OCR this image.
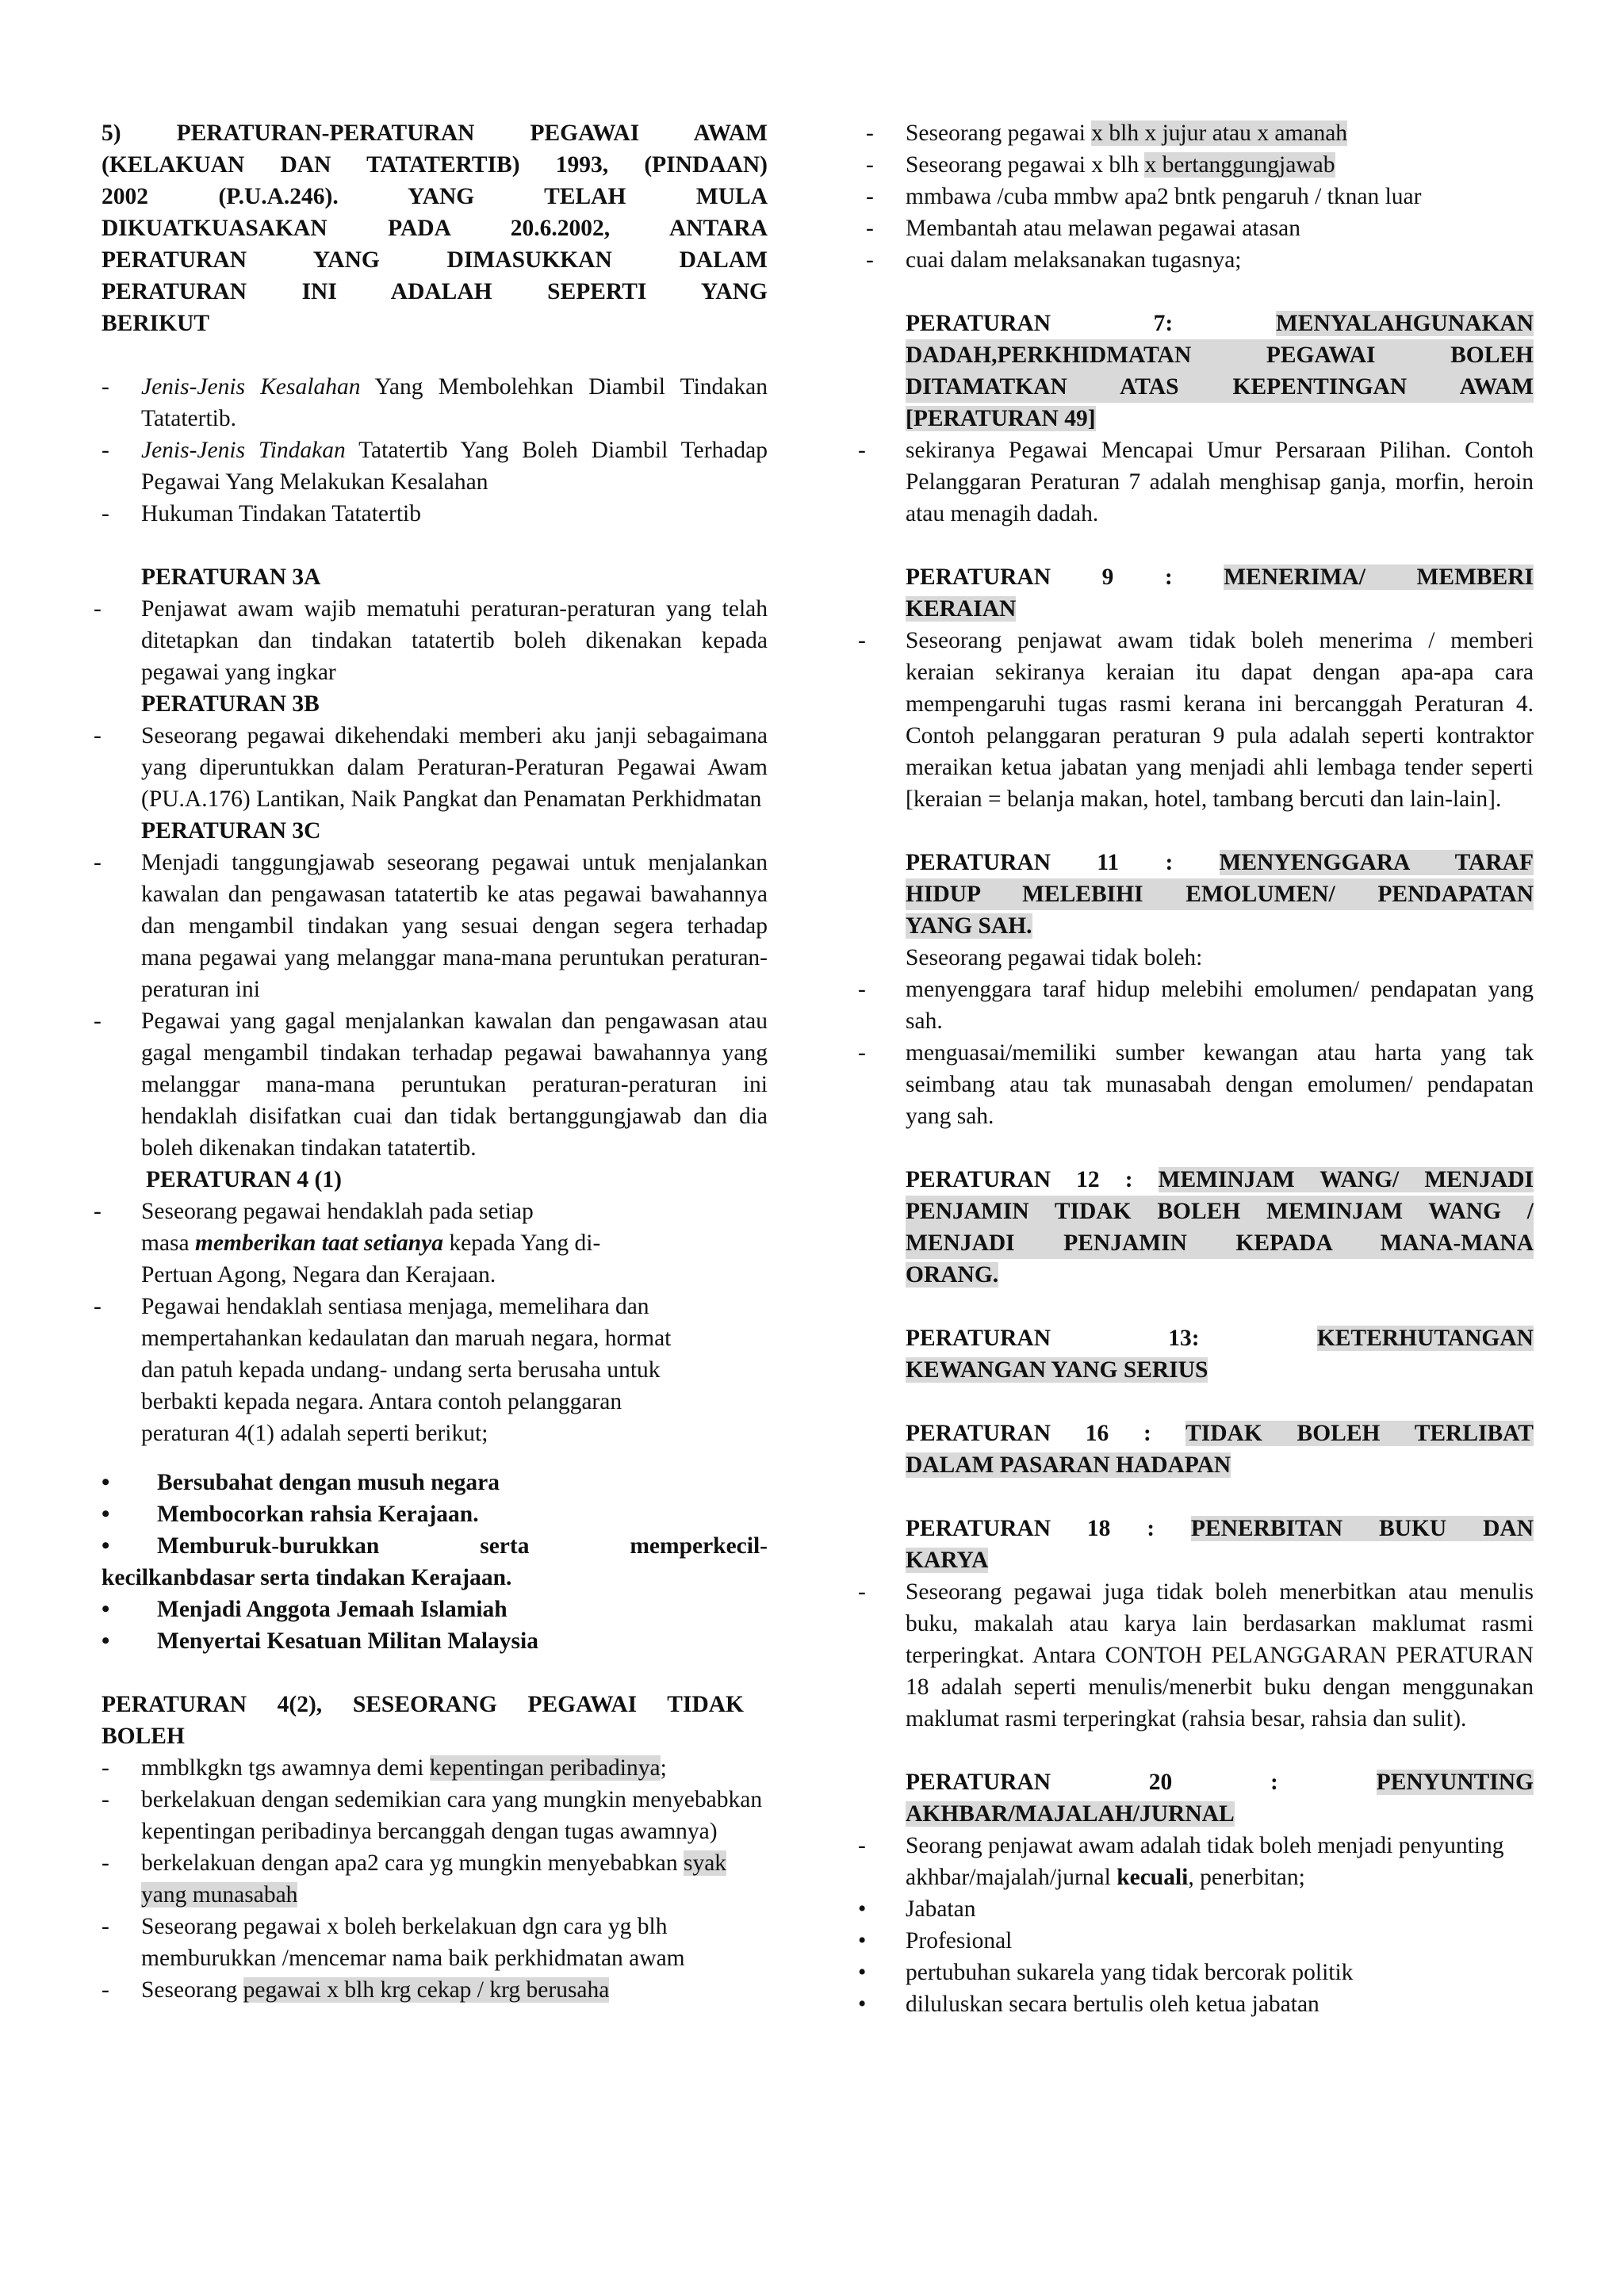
5) PERATURAN-PERATURAN PEGAWAI AWAM
(KELAKUAN DAN TATATERTIB) 1993, (PINDAAN)
2002 (P.U.A.246). YANG TELAH MULA
DIKUATKUASAKAN PADA 20.6.2002, ANTARA
PERATURAN YANG DIMASUKKAN DALAM
PERATURAN INI ADALAH SEPERTI YANG
BERIKUT
- Jenis-Jenis Kesalahan Yang Membolehkan Diambil Tindakan Tatatertib.
- Jenis-Jenis Tindakan Tatatertib Yang Boleh Diambil Terhadap Pegawai Yang Melakukan Kesalahan
- Hukuman Tindakan Tatatertib
PERATURAN 3A
- Penjawat awam wajib mematuhi peraturan-peraturan yang telah ditetapkan dan tindakan tatatertib boleh dikenakan kepada pegawai yang ingkar
PERATURAN 3B
- Seseorang pegawai dikehendaki memberi aku janji sebagaimana yang diperuntukkan dalam Peraturan-Peraturan Pegawai Awam (PU.A.176) Lantikan, Naik Pangkat dan Penamatan Perkhidmatan
PERATURAN 3C
- Menjadi tanggungjawab seseorang pegawai untuk menjalankan kawalan dan pengawasan tatatertib ke atas pegawai bawahannya dan mengambil tindakan yang sesuai dengan segera terhadap mana pegawai yang melanggar mana-mana peruntukan peraturan-peraturan ini
- Pegawai yang gagal menjalankan kawalan dan pengawasan atau gagal mengambil tindakan terhadap pegawai bawahannya yang melanggar mana-mana peruntukan peraturan-peraturan ini hendaklah disifatkan cuai dan tidak bertanggungjawab dan dia boleh dikenakan tindakan tatatertib.
PERATURAN 4 (1)
- Seseorang pegawai hendaklah pada setiap
masa memberikan taat setianya kepada Yang di-
Pertuan Agong, Negara dan Kerajaan.
- Pegawai hendaklah sentiasa menjaga, memelihara dan
mempertahankan kedaulatan dan maruah negara, hormat
dan patuh kepada undang- undang serta berusaha untuk
berbakti kepada negara. Antara contoh pelanggaran
peraturan 4(1) adalah seperti berikut;
• Bersubahat dengan musuh negara
• Membocorkan rahsia Kerajaan.
• Memburuk-burukkan serta memperkecil-
kecilkanbdasar serta tindakan Kerajaan.
• Menjadi Anggota Jemaah Islamiah
• Menyertai Kesatuan Militan Malaysia
PERATURAN 4(2), SESEORANG PEGAWAI TIDAK
BOLEH
- mmblkgkn tgs awamnya demi kepentingan peribadinya;
- berkelakuan dengan sedemikian cara yang mungkin menyebabkan kepentingan peribadinya bercanggah dengan tugas awamnya)
- berkelakuan dengan apa2 cara yg mungkin menyebabkan syak yang munasabah
- Seseorang pegawai x boleh berkelakuan dgn cara yg blh memburukkan /mencemar nama baik perkhidmatan awam
- Seseorang pegawai x blh krg cekap / krg berusaha
- Seseorang pegawai x blh x jujur atau x amanah
- Seseorang pegawai x blh x bertanggungjawab
- mmbawa /cuba mmbw apa2 bntk pengaruh / tknan luar
- Membantah atau melawan pegawai atasan
- cuai dalam melaksanakan tugasnya;
PERATURAN 7: MENYALAHGUNAKAN
DADAH,PERKHIDMATAN PEGAWAI BOLEH
DITAMATKAN ATAS KEPENTINGAN AWAM
[PERATURAN 49]
- sekiranya Pegawai Mencapai Umur Persaraan Pilihan. Contoh Pelanggaran Peraturan 7 adalah menghisap ganja, morfin, heroin atau menagih dadah.
PERATURAN 9 : MENERIMA/ MEMBERI
KERAIAN
- Seseorang penjawat awam tidak boleh menerima / memberi keraian sekiranya keraian itu dapat dengan apa-apa cara mempengaruhi tugas rasmi kerana ini bercanggah Peraturan 4. Contoh pelanggaran peraturan 9 pula adalah seperti kontraktor meraikan ketua jabatan yang menjadi ahli lembaga tender seperti [keraian = belanja makan, hotel, tambang bercuti dan lain-lain].
PERATURAN 11 : MENYENGGARA TARAF
HIDUP MELEBIHI EMOLUMEN/ PENDAPATAN
YANG SAH.
Seseorang pegawai tidak boleh:
- menyenggara taraf hidup melebihi emolumen/ pendapatan yang sah.
- menguasai/memiliki sumber kewangan atau harta yang tak seimbang atau tak munasabah dengan emolumen/ pendapatan yang sah.
PERATURAN 12 : MEMINJAM WANG/ MENJADI
PENJAMIN TIDAK BOLEH MEMINJAM WANG /
MENJADI PENJAMIN KEPADA MANA-MANA
ORANG.
PERATURAN 13: KETERHUTANGAN
KEWANGAN YANG SERIUS
PERATURAN 16 : TIDAK BOLEH TERLIBAT
DALAM PASARAN HADAPAN
PERATURAN 18 : PENERBITAN BUKU DAN
KARYA
- Seseorang pegawai juga tidak boleh menerbitkan atau menulis buku, makalah atau karya lain berdasarkan maklumat rasmi terperingkat. Antara CONTOH PELANGGARAN PERATURAN 18 adalah seperti menulis/menerbit buku dengan menggunakan maklumat rasmi terperingkat (rahsia besar, rahsia dan sulit).
PERATURAN 20 : PENYUNTING
AKHBAR/MAJALAH/JURNAL
- Seorang penjawat awam adalah tidak boleh menjadi penyunting akhbar/majalah/jurnal kecuali, penerbitan;
• Jabatan
• Profesional
• pertubuhan sukarela yang tidak bercorak politik
• diluluskan secara bertulis oleh ketua jabatan
